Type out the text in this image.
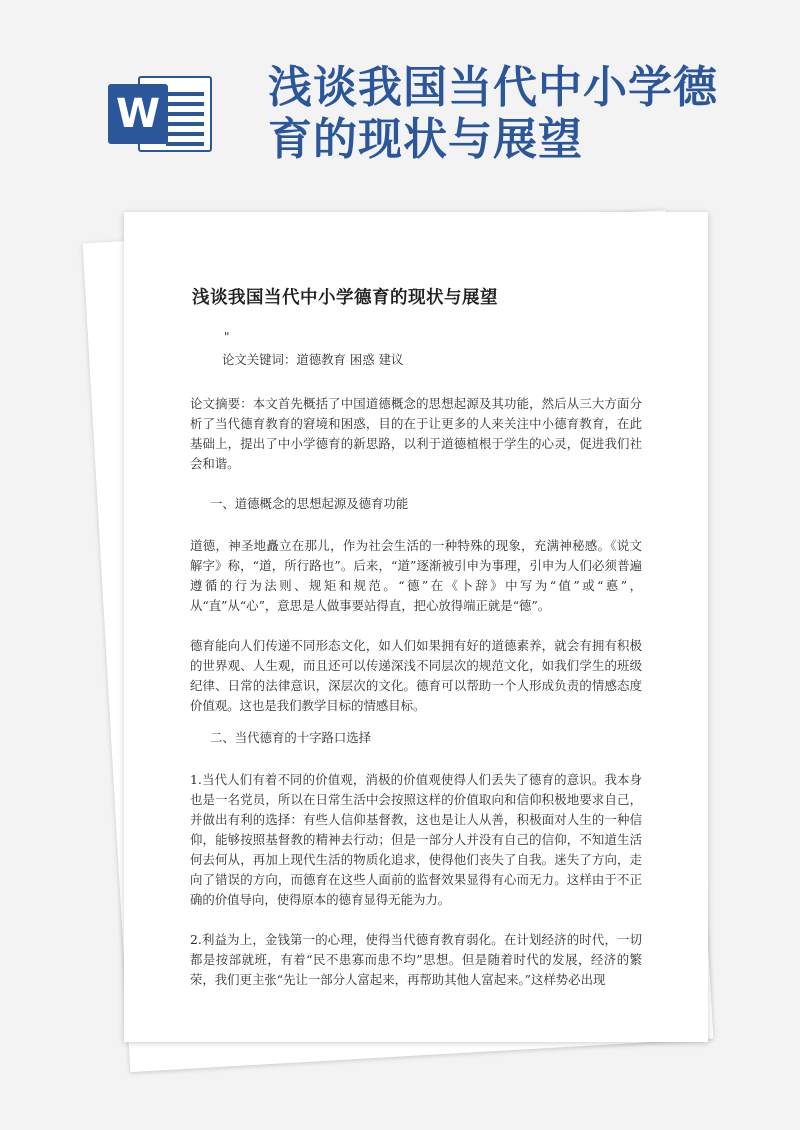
W
浅谈我国当代中小学德育的现状与展望
浅谈我国当代中小学德育的现状与展望
"
论文关键词：道德教育 困惑 建议
论文摘要：本文首先概括了中国道德概念的思想起源及其功能，然后从三大方面分析了当代德育教育的窘境和困惑，目的在于让更多的人来关注中小德育教育，在此基础上，提出了中小学德育的新思路，以利于道德植根于学生的心灵，促进我们社会和谐。
一、道德概念的思想起源及德育功能
道德，神圣地矗立在那儿，作为社会生活的一种特殊的现象，充满神秘感。《说文解字》称，“道，所行路也”。后来，“道”逐渐被引申为事理，引申为人们必须普遍遵循的行为法则、规矩和规范。“德”在《卜辞》中写为“值”或“悳”，从“直”从“心”，意思是人做事要站得直，把心放得端正就是“德”。
德育能向人们传递不同形态文化，如人们如果拥有好的道德素养，就会有拥有积极的世界观、人生观，而且还可以传递深浅不同层次的规范文化，如我们学生的班级纪律、日常的法律意识，深层次的文化。德育可以帮助一个人形成负责的情感态度价值观。这也是我们教学目标的情感目标。
二、当代德育的十字路口选择
1.当代人们有着不同的价值观，消极的价值观使得人们丢失了德育的意识。我本身也是一名党员，所以在日常生活中会按照这样的价值取向和信仰积极地要求自己，并做出有利的选择：有些人信仰基督教，这也是让人从善，积极面对人生的一种信仰，能够按照基督教的精神去行动；但是一部分人并没有自己的信仰，不知道生活何去何从，再加上现代生活的物质化追求，使得他们丧失了自我。迷失了方向，走向了错误的方向，而德育在这些人面前的监督效果显得有心而无力。这样由于不正确的价值导向，使得原本的德育显得无能为力。
2.利益为上，金钱第一的心理，使得当代德育教育弱化。在计划经济的时代，一切都是按部就班，有着“民不患寡而患不均”思想。但是随着时代的发展，经济的繁荣，我们更主张“先让一部分人富起来，再帮助其他人富起来。”这样势必出现
